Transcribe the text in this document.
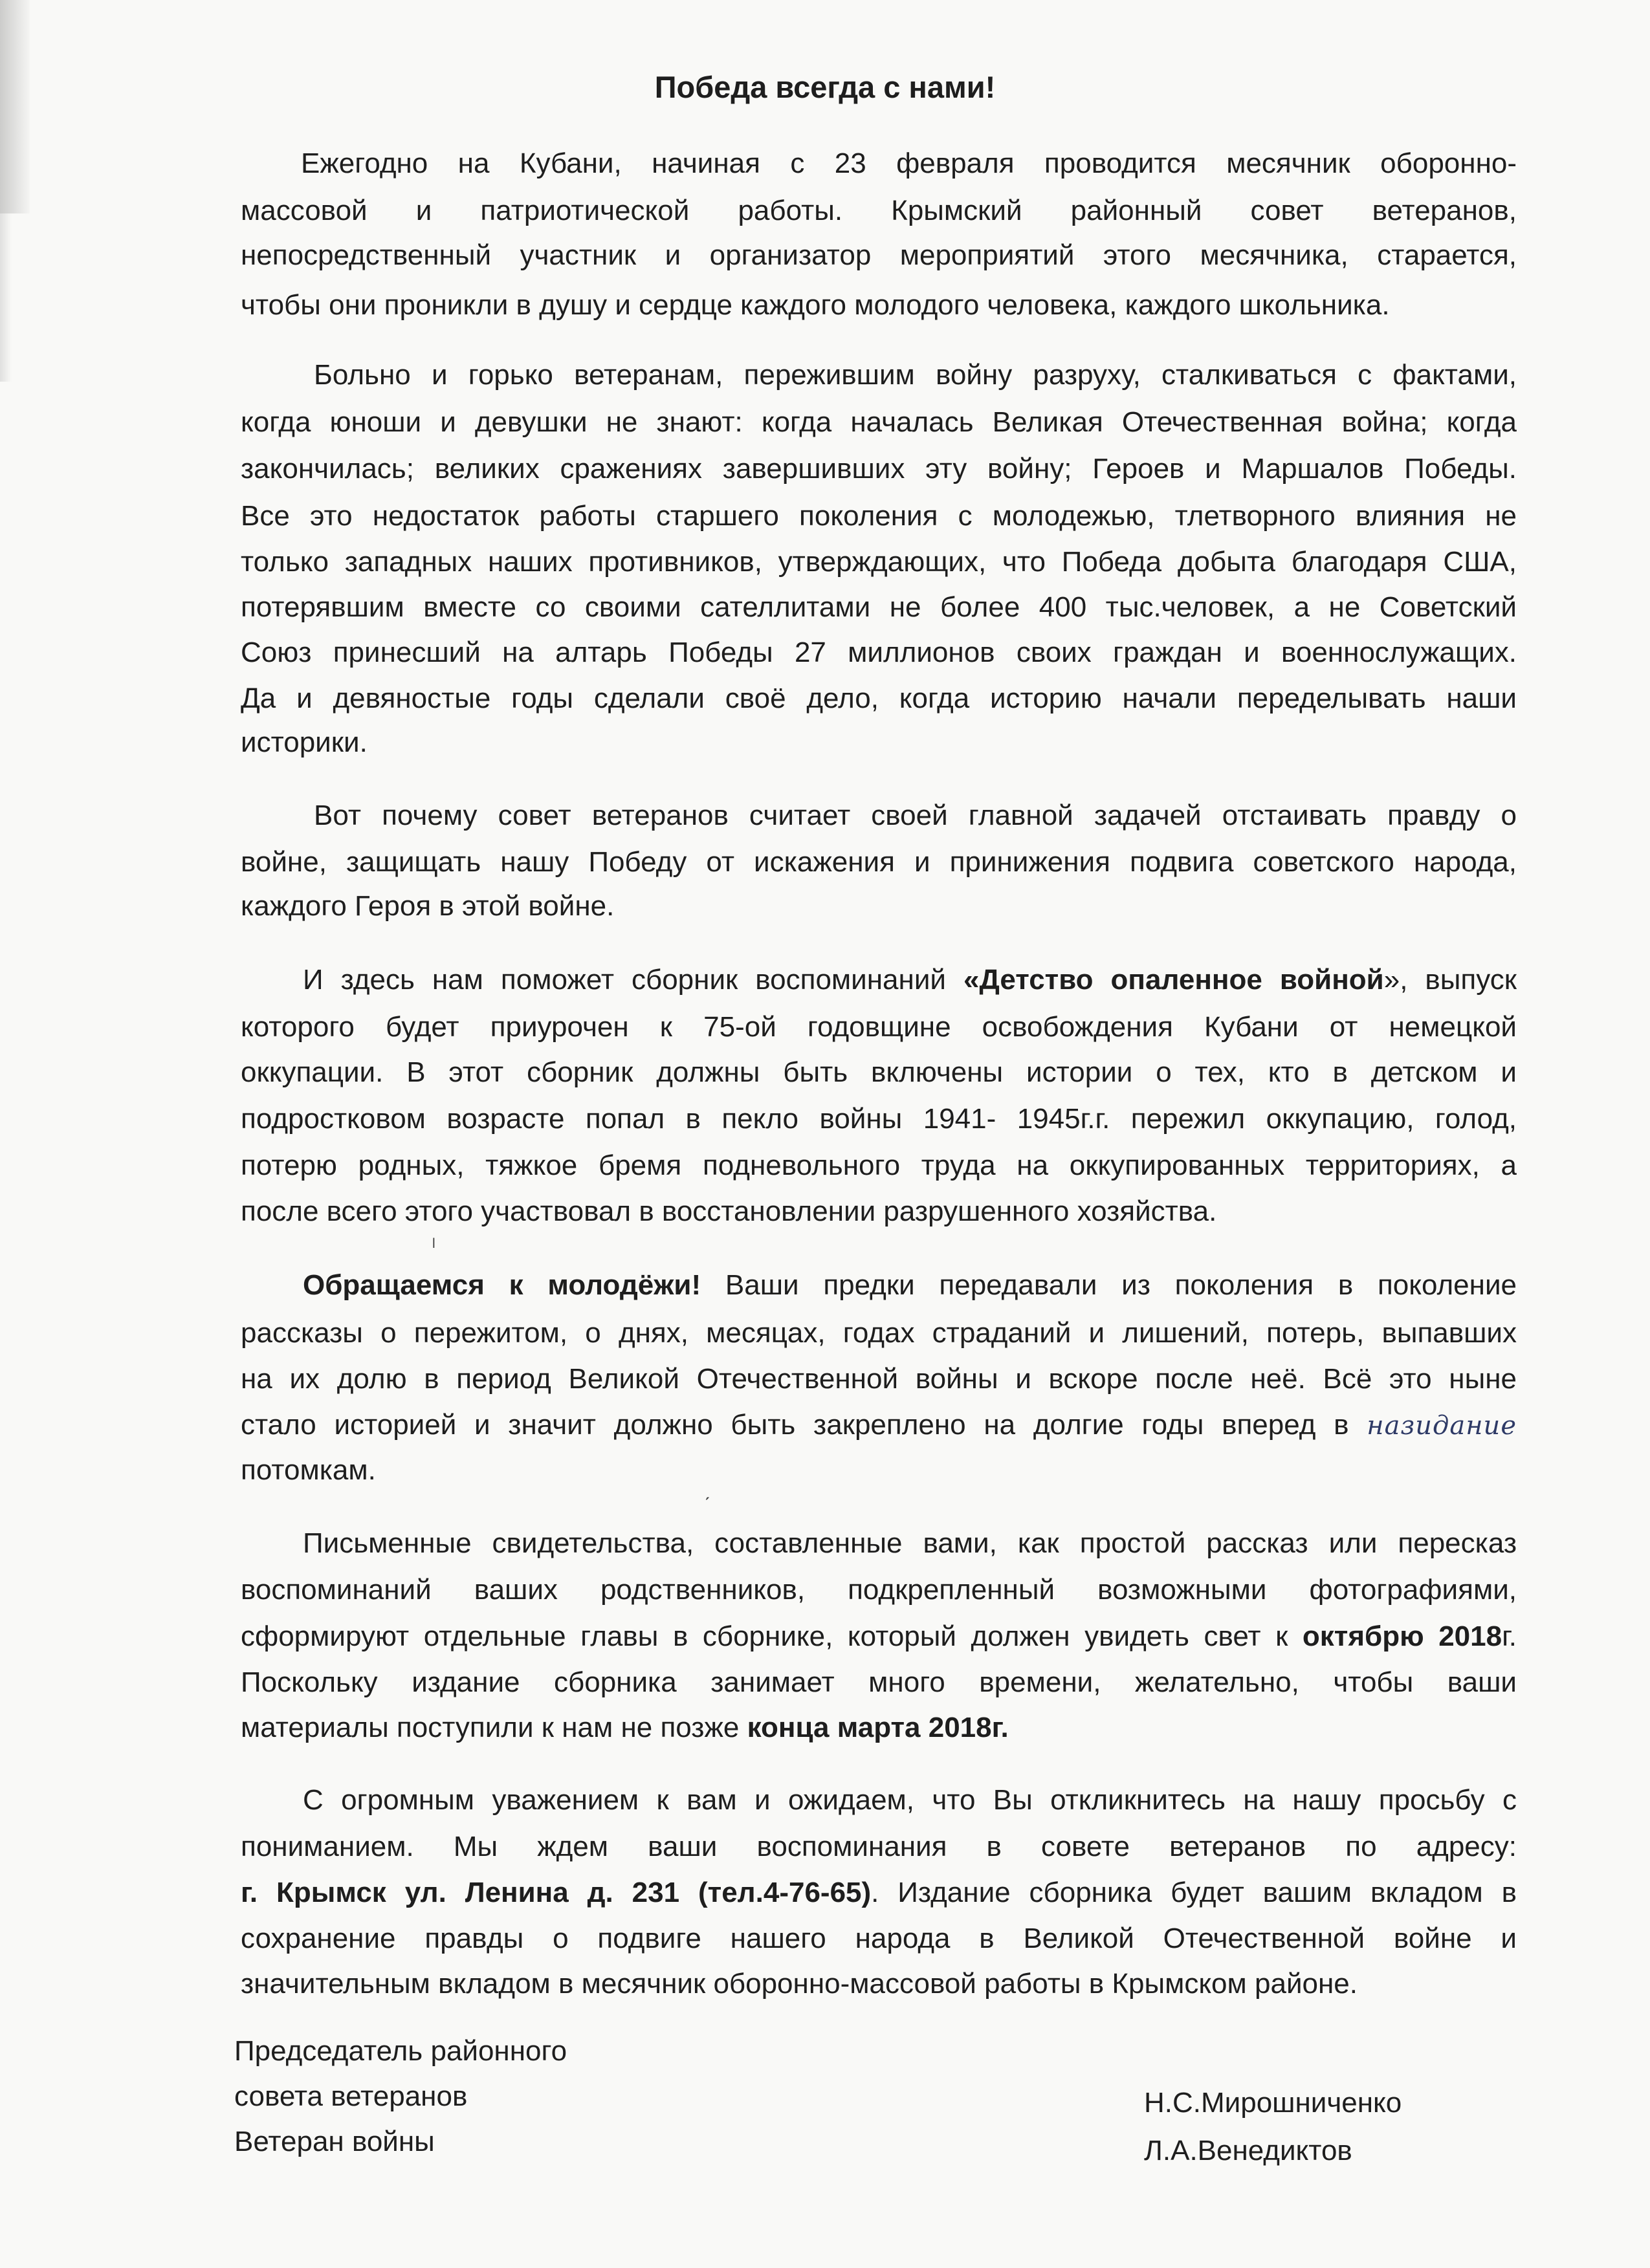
Победа всегда с нами!
Ежегодно на Кубани, начиная с 23 февраля проводится месячник оборонно-
массовой и патриотической работы. Крымский районный совет ветеранов,
непосредственный участник и организатор мероприятий этого месячника, старается,
чтобы они проникли в душу и сердце каждого молодого человека, каждого школьника.
Больно и горько ветеранам, пережившим войну разруху, сталкиваться с фактами,
когда юноши и девушки не знают: когда началась Великая Отечественная война; когда
закончилась; великих сражениях завершивших эту войну; Героев и Маршалов Победы.
Все это недостаток работы старшего поколения с молодежью, тлетворного влияния не
только западных наших противников, утверждающих, что Победа добыта благодаря США,
потерявшим вместе со своими сателлитами не более 400 тыс.человек, а не Советский
Союз принесший на алтарь Победы 27 миллионов своих граждан и военнослужащих.
Да и девяностые годы сделали своё дело, когда историю начали переделывать наши
историки.
Вот почему совет ветеранов считает своей главной задачей отстаивать правду о
войне, защищать нашу Победу от искажения и принижения подвига советского народа,
каждого Героя в этой войне.
И здесь нам поможет сборник воспоминаний «Детство опаленное войной», выпуск
которого будет приурочен к 75-ой годовщине освобождения Кубани от немецкой
оккупации. В этот сборник должны быть включены истории о тех, кто в детском и
подростковом возрасте попал в пекло войны 1941- 1945г.г. пережил оккупацию, голод,
потерю родных, тяжкое бремя подневольного труда на оккупированных территориях, а
после всего этого участвовал в восстановлении разрушенного хозяйства.
Обращаемся к молодёжи! Ваши предки передавали из поколения в поколение
рассказы о пережитом, о днях, месяцах, годах страданий и лишений, потерь, выпавших
на их долю в период Великой Отечественной войны и вскоре после неё. Всё это ныне
стало историей и значит должно быть закреплено на долгие годы вперед в назидание
потомкам.
Письменные свидетельства, составленные вами, как простой рассказ или пересказ
воспоминаний ваших родственников, подкрепленный возможными фотографиями,
сформируют отдельные главы в сборнике, который должен увидеть свет к октябрю 2018г.
Поскольку издание сборника занимает много времени, желательно, чтобы ваши
материалы поступили к нам не позже конца марта 2018г.
С огромным уважением к вам и ожидаем, что Вы откликнитесь на нашу просьбу с
пониманием. Мы ждем ваши воспоминания в совете ветеранов по адресу:
г. Крымск ул. Ленина д. 231 (тел.4-76-65). Издание сборника будет вашим вкладом в
сохранение правды о подвиге нашего народа в Великой Отечественной войне и
значительным вкладом в месячник оборонно-массовой работы в Крымском районе.
Председатель районного
совета ветеранов
Ветеран войны
Н.С.Мирошниченко
Л.А.Венедиктов
ˡ
ˊ
